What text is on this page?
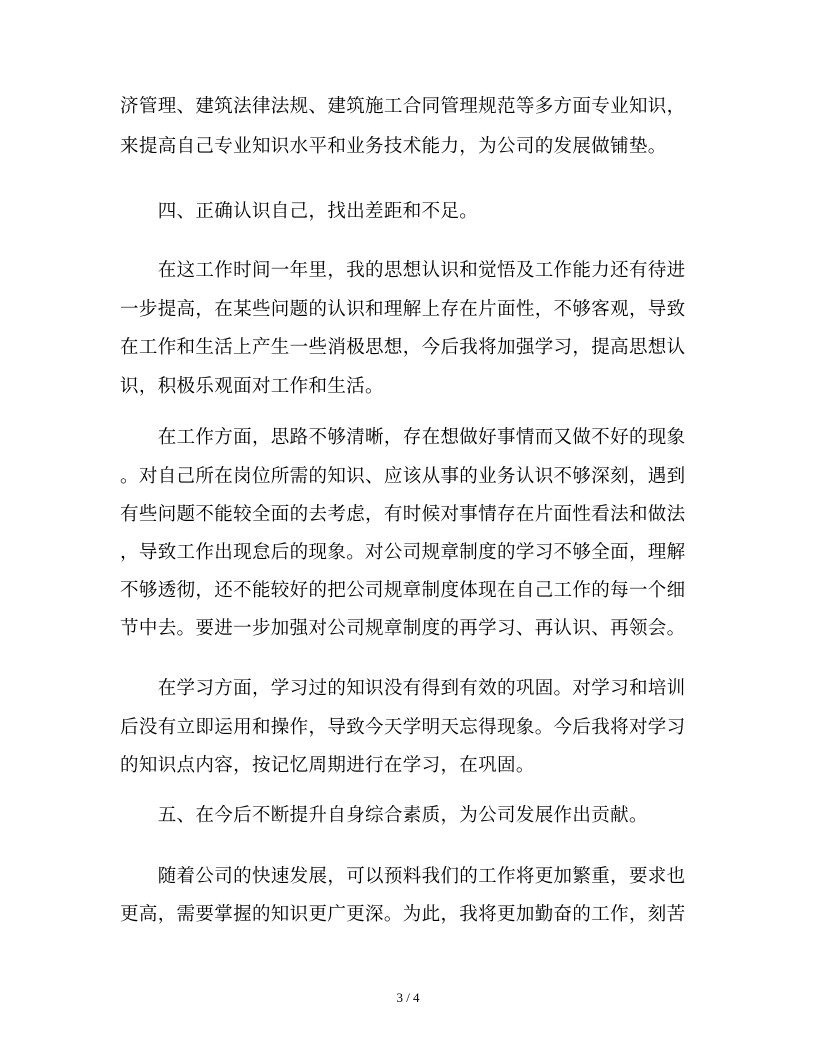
济管理、建筑法律法规、建筑施工合同管理规范等多方面专业知识，
来提高自己专业知识水平和业务技术能力，为公司的发展做铺垫。
　　四、正确认识自己，找出差距和不足。
　　在这工作时间一年里，我的思想认识和觉悟及工作能力还有待进
一步提高，在某些问题的认识和理解上存在片面性，不够客观，导致
在工作和生活上产生一些消极思想，今后我将加强学习，提高思想认
识，积极乐观面对工作和生活。
　　在工作方面，思路不够清晰，存在想做好事情而又做不好的现象
。对自己所在岗位所需的知识、应该从事的业务认识不够深刻，遇到
有些问题不能较全面的去考虑，有时候对事情存在片面性看法和做法
，导致工作出现怠后的现象。对公司规章制度的学习不够全面，理解
不够透彻，还不能较好的把公司规章制度体现在自己工作的每一个细
节中去。要进一步加强对公司规章制度的再学习、再认识、再领会。
　　在学习方面，学习过的知识没有得到有效的巩固。对学习和培训
后没有立即运用和操作，导致今天学明天忘得现象。今后我将对学习
的知识点内容，按记忆周期进行在学习，在巩固。
　　五、在今后不断提升自身综合素质，为公司发展作出贡献。
　　随着公司的快速发展，可以预料我们的工作将更加繁重，要求也
更高，需要掌握的知识更广更深。为此，我将更加勤奋的工作，刻苦
3 / 4
